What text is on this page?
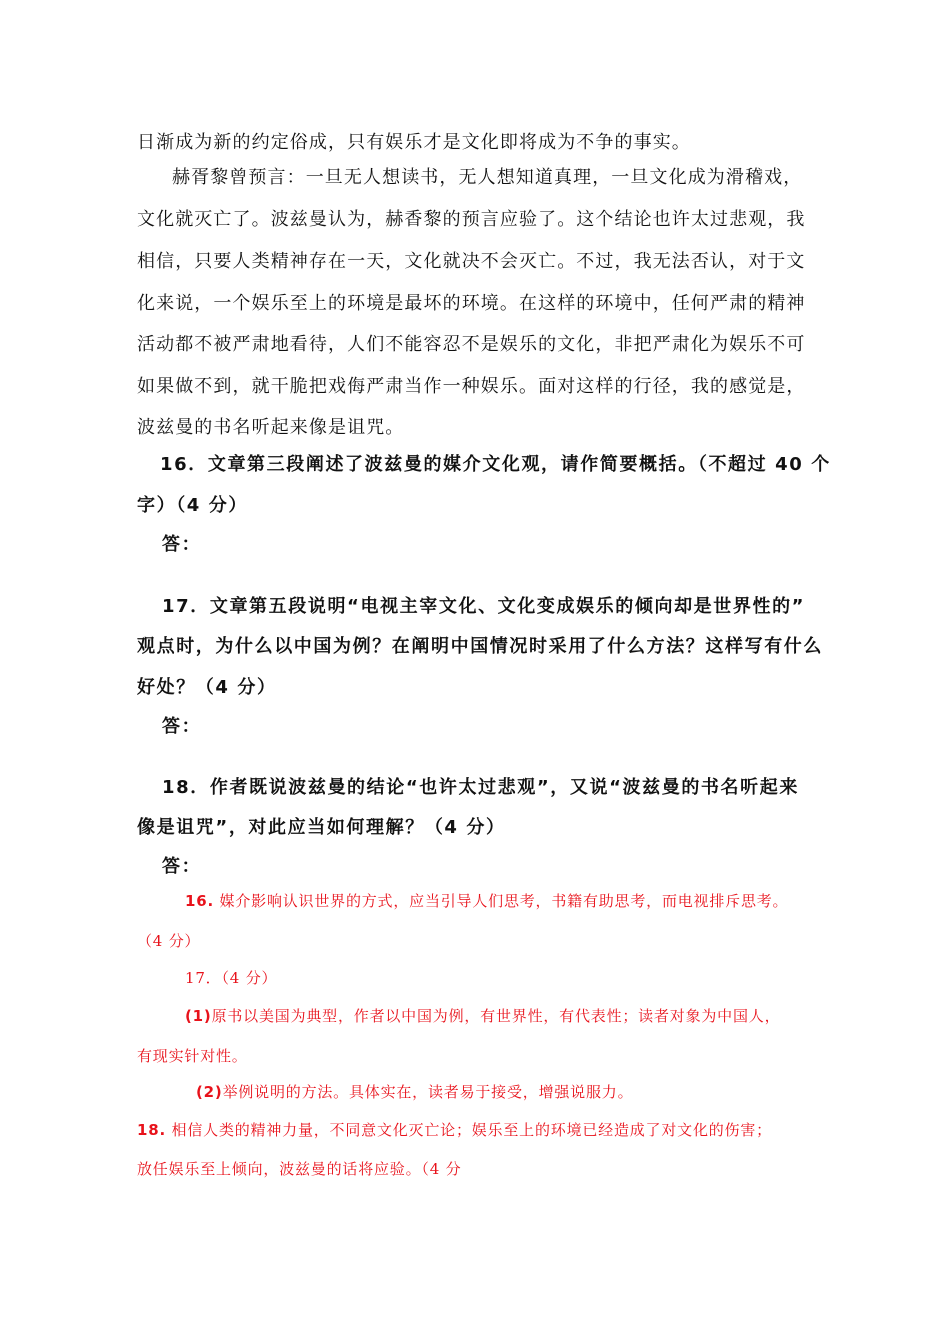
日渐成为新的约定俗成，只有娱乐才是文化即将成为不争的事实。
赫胥黎曾预言：一旦无人想读书，无人想知道真理，一旦文化成为滑稽戏，
文化就灭亡了。波兹曼认为，赫香黎的预言应验了。这个结论也许太过悲观，我
相信，只要人类精神存在一天，文化就决不会灭亡。不过，我无法否认，对于文
化来说，一个娱乐至上的环境是最坏的环境。在这样的环境中，任何严肃的精神
活动都不被严肃地看待，人们不能容忍不是娱乐的文化，非把严肃化为娱乐不可
如果做不到，就干脆把戏侮严肃当作一种娱乐。面对这样的行径，我的感觉是，
波兹曼的书名听起来像是诅咒。
16．文章第三段阐述了波兹曼的媒介文化观，请作简要概括。（不超过 40 个
字）（4 分）
答：
17．文章第五段说明“电视主宰文化、文化变成娱乐的倾向却是世界性的”
观点时，为什么以中国为例？在阐明中国情况时采用了什么方法？这样写有什么
好处？（4 分）
答：
18．作者既说波兹曼的结论“也许太过悲观”，又说“波兹曼的书名听起来
像是诅咒”，对此应当如何理解？（4 分）
答：
16. 媒介影响认识世界的方式，应当引导人们思考，书籍有助思考，而电视排斥思考。
（4 分）
17．（4 分）
(1)原书以美国为典型，作者以中国为例，有世界性，有代表性；读者对象为中国人，
有现实针对性。
(2)举例说明的方法。具体实在，读者易于接受，增强说服力。
18. 相信人类的精神力量，不同意文化灭亡论；娱乐至上的环境已经造成了对文化的伤害；
放任娱乐至上倾向，波兹曼的话将应验。（4 分
